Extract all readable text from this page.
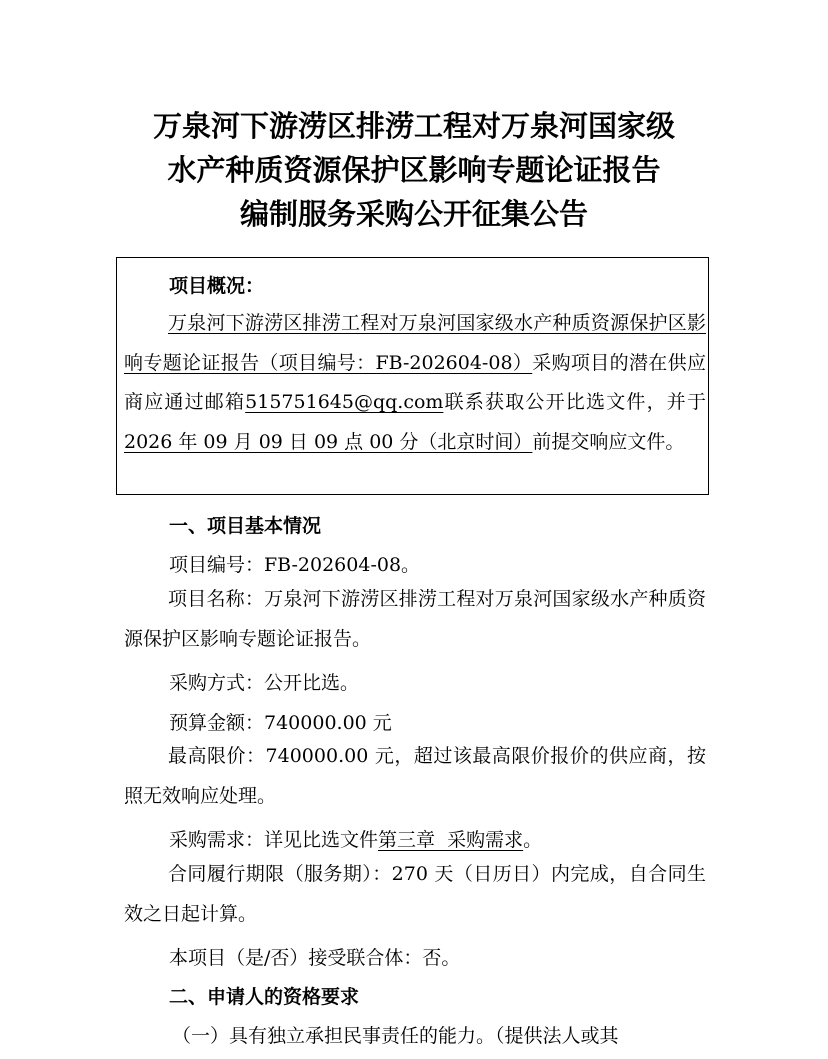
万泉河下游涝区排涝工程对万泉河国家级
水产种质资源保护区影响专题论证报告
编制服务采购公开征集公告
项目概况：
万泉河下游涝区排涝工程对万泉河国家级水产种质资源保护区影响专题论证报告（项目编号：FB-202604-08）采购项目的潜在供应商应通过邮箱515751645@qq.com联系获取公开比选文件，并于2026 年 09 月 09 日 09 点 00 分（北京时间）前提交响应文件。
一、项目基本情况
项目编号：FB-202604-08。
项目名称：万泉河下游涝区排涝工程对万泉河国家级水产种质资源保护区影响专题论证报告。
采购方式：公开比选。
预算金额：740000.00 元
最高限价：740000.00 元，超过该最高限价报价的供应商，按照无效响应处理。
采购需求：详见比选文件第三章  采购需求。
合同履行期限（服务期）：270 天（日历日）内完成，自合同生效之日起计算。
本项目（是/否）接受联合体：否。
二、申请人的资格要求
（一）具有独立承担民事责任的能力。（提供法人或其
